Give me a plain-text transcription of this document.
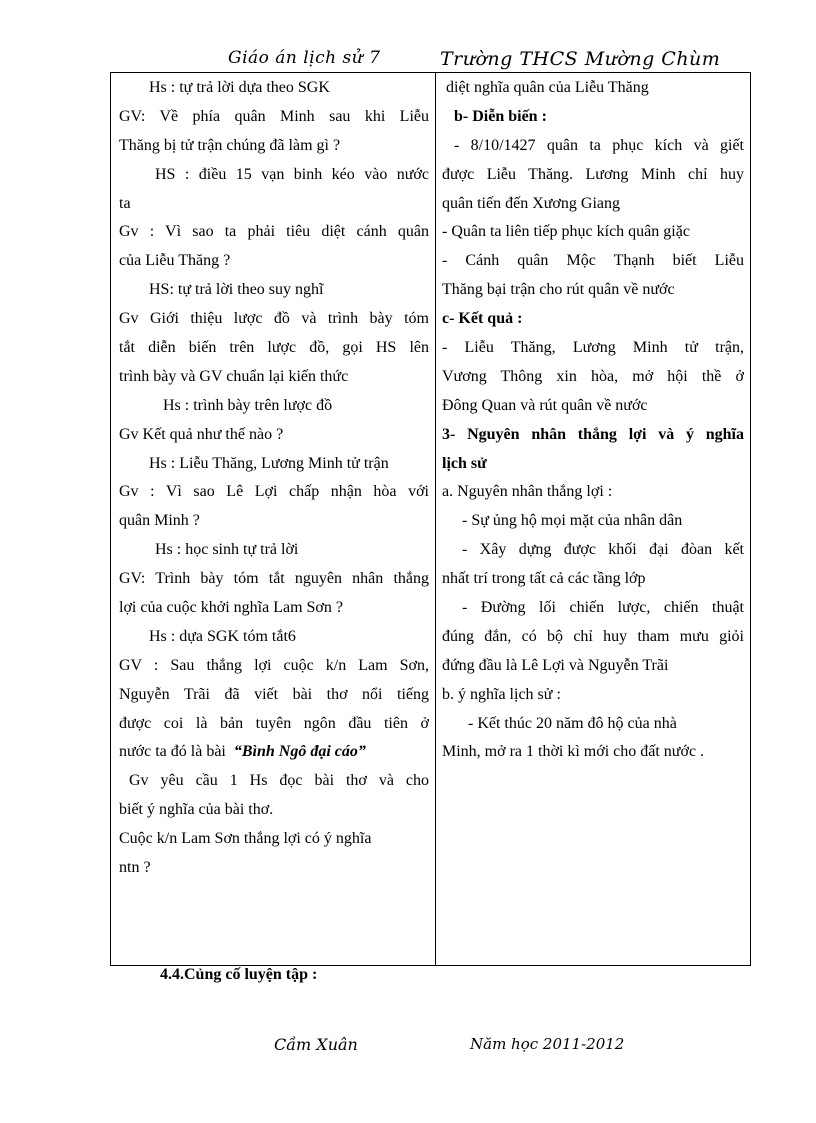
Giáo án lịch sử 7	Trường THCS Mường Chùm
Hs : tự trả lời dựa theo SGK
GV: Về phía quân Minh sau khi Liễu
Thăng bị tử trận chúng đã làm gì ?
HS : điều 15 vạn binh kéo vào nước
ta
Gv : Vì sao ta phải tiêu diệt cánh quân
của Liễu Thăng ?
HS: tự trả lời theo suy nghĩ
Gv Giới thiệu lược đồ và trình bày tóm
tắt diễn biến trên lược đồ, gọi HS lên
trình bày và GV chuẩn lại kiến thức
Hs : trình bày trên lược đồ
Gv Kết quả như thế nào ?
Hs : Liễu Thăng, Lương Minh tử trận
Gv : Vì sao Lê Lợi chấp nhận hòa với
quân Minh ?
Hs : học sinh tự trả lời
GV: Trình bày tóm tắt nguyên nhân thắng
lợi của cuộc khởi nghĩa Lam Sơn ?
Hs : dựa SGK tóm tắt6
GV : Sau thắng lợi cuộc k/n Lam Sơn,
Nguyễn Trãi đã viết bài thơ nổi tiếng
được coi là bản tuyên ngôn đầu tiên ở
nước ta đó là bài “Bình Ngô đại cáo”
Gv yêu cầu 1 Hs đọc bài thơ và cho
biết ý nghĩa của bài thơ.
Cuộc k/n Lam Sơn thắng lợi có ý nghĩa
ntn ?
diệt nghĩa quân của Liễu Thăng
b- Diễn biến :
- 8/10/1427 quân ta phục kích và giết
được Liễu Thăng. Lương Minh chỉ huy
quân tiến đến Xương Giang
- Quân ta liên tiếp phục kích quân giặc
- Cánh quân Mộc Thạnh biết Liễu
Thăng bại trận cho rút quân về nước
c- Kết quả :
- Liễu Thăng, Lương Minh tử trận,
Vương Thông xin hòa, mở hội thề ở
Đông Quan và rút quân về nước
3- Nguyên nhân thắng lợi và ý nghĩa
lịch sử
a. Nguyên nhân thắng lợi :
- Sự ủng hộ mọi mặt của nhân dân
- Xây dựng được khối đại đòan kết
nhất trí trong tất cả các tầng lớp
- Đường lối chiến lược, chiến thuật
đúng đắn, có bộ chỉ huy tham mưu giỏi
đứng đầu là Lê Lợi và Nguyễn Trãi
b. ý nghĩa lịch sử :
- Kết thúc 20 năm đô hộ của nhà
Minh, mở ra 1 thời kì mới cho đất nước .
4.4.Củng cố luyện tập :
Cầm Xuân	Năm học 2011-2012
